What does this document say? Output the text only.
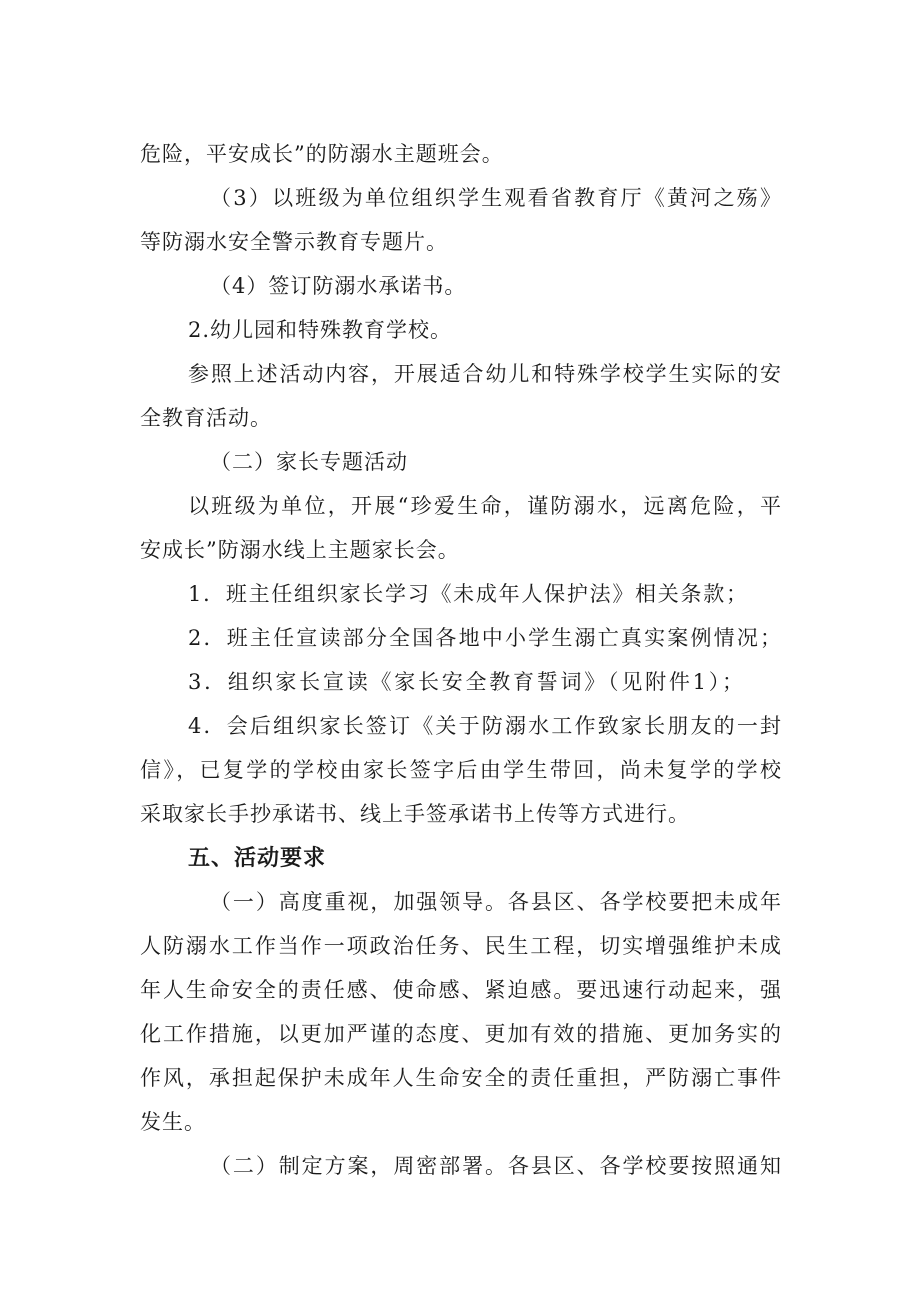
危险，平安成长”的防溺水主题班会。

（3）以班级为单位组织学生观看省教育厅《黄河之殇》

等防溺水安全警示教育专题片。

（4）签订防溺水承诺书。

2.幼儿园和特殊教育学校。

参照上述活动内容，开展适合幼儿和特殊学校学生实际的安

全教育活动。

（二）家长专题活动

以班级为单位，开展“珍爱生命，谨防溺水，远离危险，平

安成长”防溺水线上主题家长会。

1．班主任组织家长学习《未成年人保护法》相关条款；

2．班主任宣读部分全国各地中小学生溺亡真实案例情况；

3．组织家长宣读《家长安全教育誓词》（见附件1）；

4．会后组织家长签订《关于防溺水工作致家长朋友的一封

信》，已复学的学校由家长签字后由学生带回，尚未复学的学校

采取家长手抄承诺书、线上手签承诺书上传等方式进行。

五、活动要求

（一）高度重视，加强领导。各县区、各学校要把未成年

人防溺水工作当作一项政治任务、民生工程，切实增强维护未成

年人生命安全的责任感、使命感、紧迫感。要迅速行动起来，强

化工作措施，以更加严谨的态度、更加有效的措施、更加务实的

作风，承担起保护未成年人生命安全的责任重担，严防溺亡事件

发生。

（二）制定方案，周密部署。各县区、各学校要按照通知
